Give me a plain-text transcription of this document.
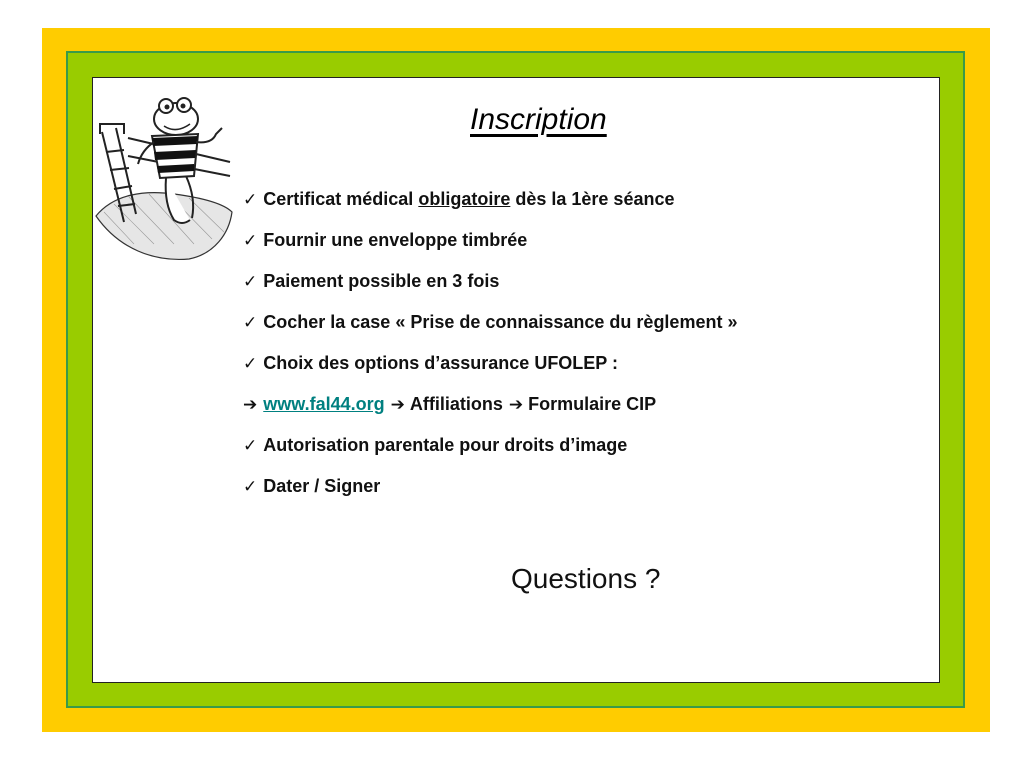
Inscription
✓ Certificat médical obligatoire dès la 1ère séance
✓ Fournir une enveloppe timbrée
✓ Paiement possible en 3 fois
✓ Cocher la case « Prise de connaissance du règlement »
✓ Choix des options d’assurance UFOLEP :
➔ www.fal44.org ➔ Affiliations ➔ Formulaire CIP
✓ Autorisation parentale pour droits d’image
✓ Dater / Signer
Questions ?
